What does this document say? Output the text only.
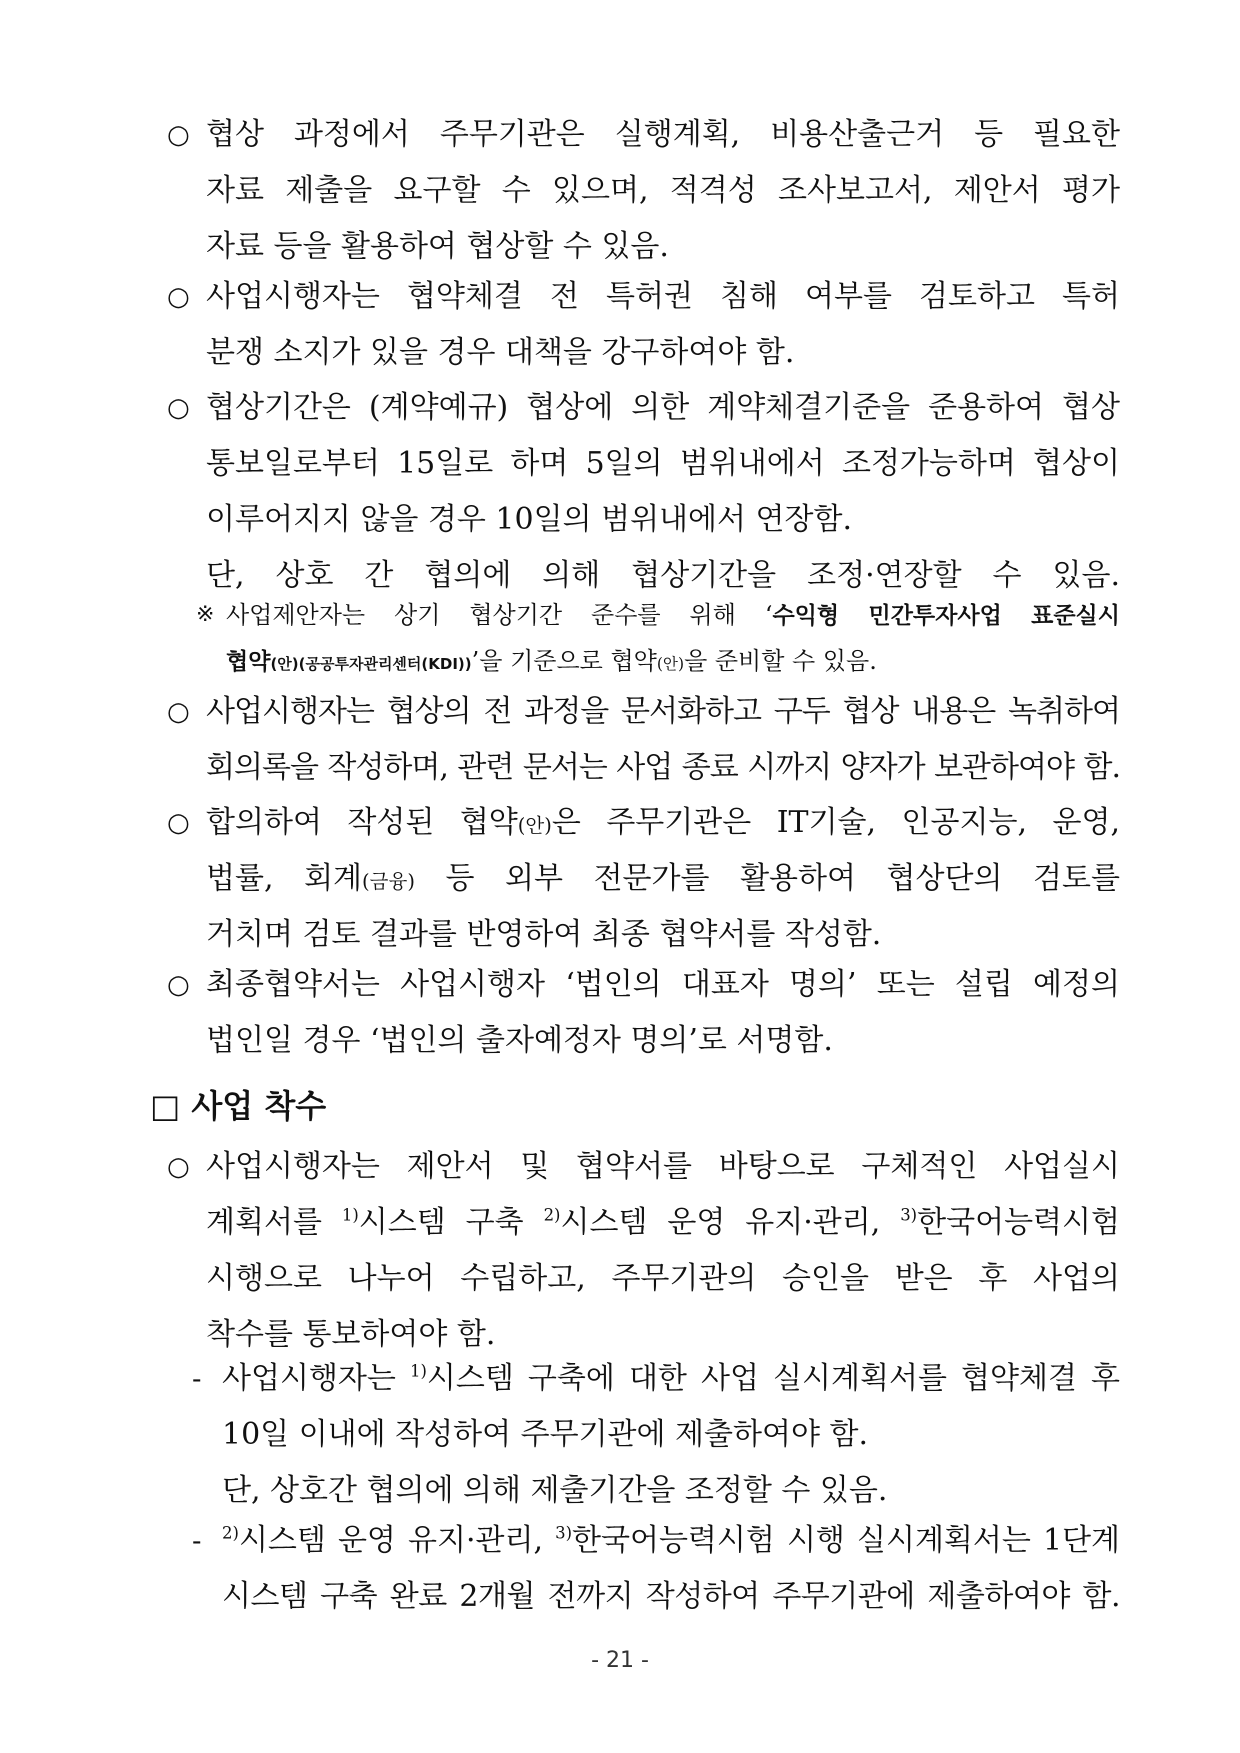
○ 협상 과정에서 주무기관은 실행계획, 비용산출근거 등 필요한
자료 제출을 요구할 수 있으며, 적격성 조사보고서, 제안서 평가
자료 등을 활용하여 협상할 수 있음.
○ 사업시행자는 협약체결 전 특허권 침해 여부를 검토하고 특허
분쟁 소지가 있을 경우 대책을 강구하여야 함.
○ 협상기간은 (계약예규) 협상에 의한 계약체결기준을 준용하여 협상
통보일로부터 15일로 하며 5일의 범위내에서 조정가능하며 협상이
이루어지지 않을 경우 10일의 범위내에서 연장함.
단, 상호 간 협의에 의해 협상기간을 조정·연장할 수 있음.
※ 사업제안자는 상기 협상기간 준수를 위해 ‘수익형 민간투자사업 표준실시
협약(안)(공공투자관리센터(KDI))’을 기준으로 협약(안)을 준비할 수 있음.
○ 사업시행자는 협상의 전 과정을 문서화하고 구두 협상 내용은 녹취하여
회의록을 작성하며, 관련 문서는 사업 종료 시까지 양자가 보관하여야 함.
○ 합의하여 작성된 협약(안)은 주무기관은 IT기술, 인공지능, 운영,
법률, 회계(금융) 등 외부 전문가를 활용하여 협상단의 검토를
거치며 검토 결과를 반영하여 최종 협약서를 작성함.
○ 최종협약서는 사업시행자 ‘법인의 대표자 명의’ 또는 설립 예정의
법인일 경우 ‘법인의 출자예정자 명의’로 서명함.
□ 사업 착수
○ 사업시행자는 제안서 및 협약서를 바탕으로 구체적인 사업실시
계획서를 $^{1)}$시스템 구축 $^{2)}$시스템 운영 유지·관리, $^{3)}$한국어능력시험
시행으로 나누어 수립하고, 주무기관의 승인을 받은 후 사업의
착수를 통보하여야 함.
- 사업시행자는 $^{1)}$시스템 구축에 대한 사업 실시계획서를 협약체결 후
10일 이내에 작성하여 주무기관에 제출하여야 함.
단, 상호간 협의에 의해 제출기간을 조정할 수 있음.
-	$^{2)}$시스템 운영 유지·관리, $^{3)}$한국어능력시험 시행 실시계획서는 1단계
시스템 구축 완료 2개월 전까지 작성하여 주무기관에 제출하여야 함.
- 21 -
